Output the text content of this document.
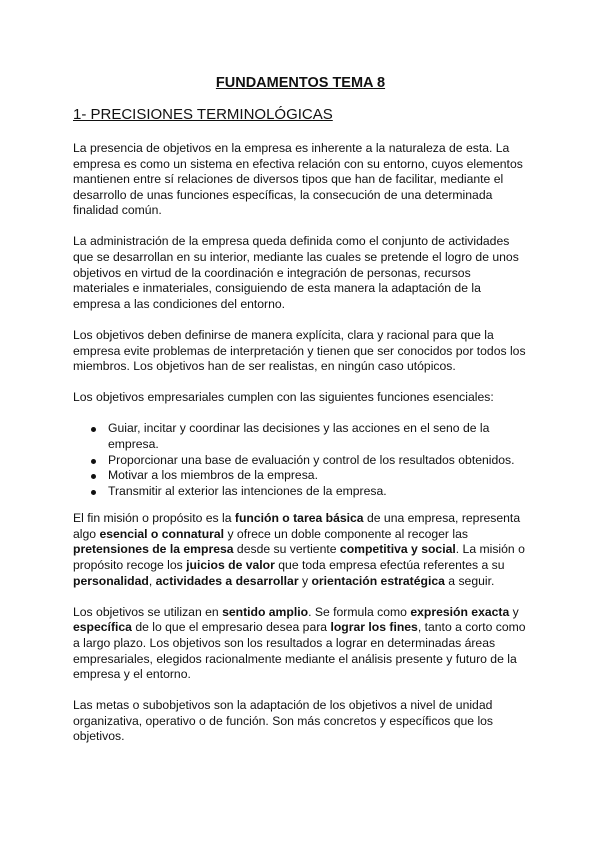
FUNDAMENTOS TEMA 8
1- PRECISIONES TERMINOLÓGICAS

La presencia de objetivos en la empresa es inherente a la naturaleza de esta. La empresa es como un sistema en efectiva relación con su entorno, cuyos elementos mantienen entre sí relaciones de diversos tipos que han de facilitar, mediante el desarrollo de unas funciones específicas, la consecución de una determinada finalidad común.

La administración de la empresa queda definida como el conjunto de actividades que se desarrollan en su interior, mediante las cuales se pretende el logro de unos objetivos en virtud de la coordinación e integración de personas, recursos materiales e inmateriales, consiguiendo de esta manera la adaptación de la empresa a las condiciones del entorno.

Los objetivos deben definirse de manera explícita, clara y racional para que la empresa evite problemas de interpretación y tienen que ser conocidos por todos los miembros. Los objetivos han de ser realistas, en ningún caso utópicos.

Los objetivos empresariales cumplen con las siguientes funciones esenciales:

Guiar, incitar y coordinar las decisiones y las acciones en el seno de la empresa.
Proporcionar una base de evaluación y control de los resultados obtenidos.
Motivar a los miembros de la empresa.
Transmitir al exterior las intenciones de la empresa.

El fin misión o propósito es la función o tarea básica de una empresa, representa algo esencial o connatural y ofrece un doble componente al recoger las pretensiones de la empresa desde su vertiente competitiva y social. La misión o propósito recoge los juicios de valor que toda empresa efectúa referentes a su personalidad, actividades a desarrollar y orientación estratégica a seguir.

Los objetivos se utilizan en sentido amplio. Se formula como expresión exacta y específica de lo que el empresario desea para lograr los fines, tanto a corto como a largo plazo. Los objetivos son los resultados a lograr en determinadas áreas empresariales, elegidos racionalmente mediante el análisis presente y futuro de la empresa y el entorno.

Las metas o subobjetivos son la adaptación de los objetivos a nivel de unidad organizativa, operativo o de función. Son más concretos y específicos que los objetivos.
